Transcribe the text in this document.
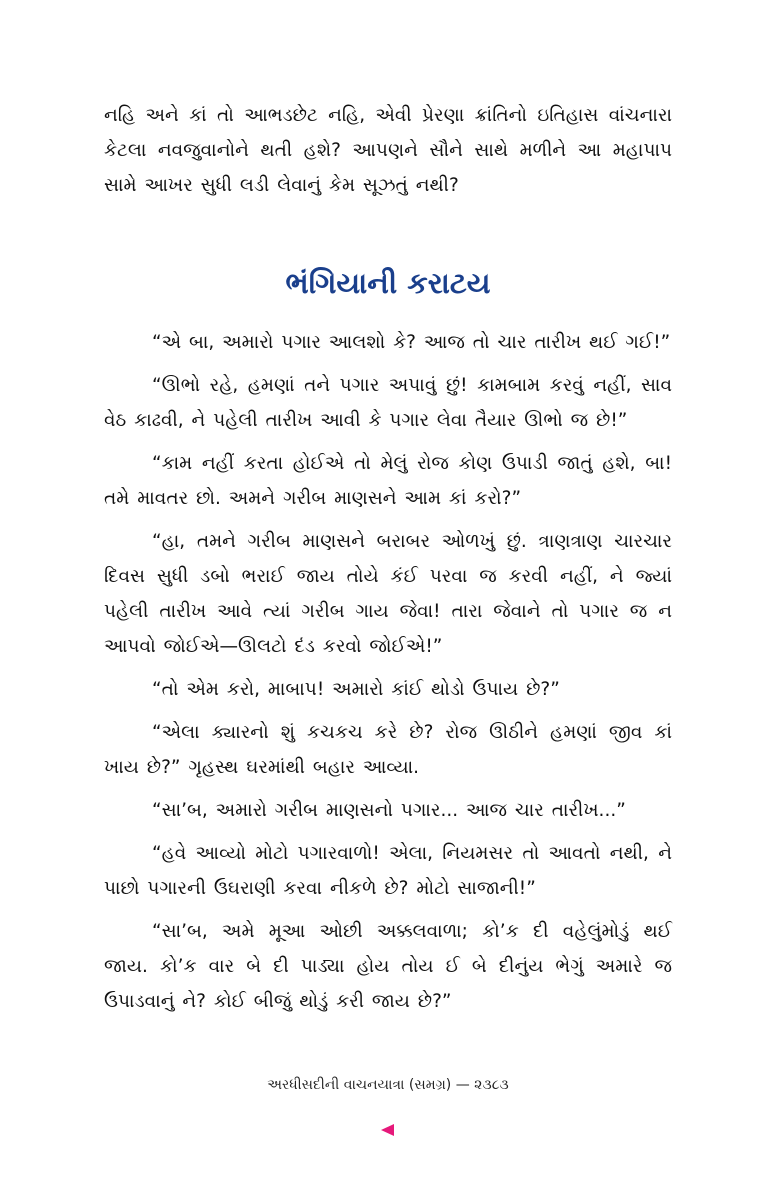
નહિ અને કાં તો આભડછેટ નહિ, એવી પ્રેરણા ક્રાંતિનો ઇતિહાસ વાંચનારા કેટલા નવજુવાનોને થતી હશે? આપણને સૌને સાથે મળીને આ મહાપાપ સામે આખર સુધી લડી લેવાનું કેમ સૂઝતું નથી?

ભંગિયાની કરાટય

“એ બા, અમારો પગાર આલશો કે? આજ તો ચાર તારીખ થઈ ગઈ!”

“ઊભો રહે, હમણાં તને પગાર અપાવું છું! કામબામ કરવું નહીં, સાવ વેઠ કાઢવી, ને પહેલી તારીખ આવી કે પગાર લેવા તૈયાર ઊભો જ છે!”

“કામ નહીં કરતા હોઈએ તો મેલું રોજ કોણ ઉપાડી જાતું હશે, બા! તમે માવતર છો. અમને ગરીબ માણસને આમ કાં કરો?”

“હા, તમને ગરીબ માણસને બરાબર ઓળખું છું. ત્રાણત્રાણ ચારચાર દિવસ સુધી ડબો ભરાઈ જાય તોયે કંઈ પરવા જ કરવી નહીં, ને જ્યાં પહેલી તારીખ આવે ત્યાં ગરીબ ગાય જેવા! તારા જેવાને તો પગાર જ ન આપવો જોઈએ—ઊલટો દંડ કરવો જોઈએ!”

“તો એમ કરો, માબાપ! અમારો કાંઈ થોડો ઉપાય છે?”

“એલા ક્યારનો શું કચકચ કરે છે? રોજ ઊઠીને હમણાં જીવ કાં ખાય છે?” ગૃહસ્થ ઘરમાંથી બહાર આવ્યા.

“સા’બ, અમારો ગરીબ માણસનો પગાર... આજ ચાર તારીખ...”

“હવે આવ્યો મોટો પગારવાળો! એલા, નિયમસર તો આવતો નથી, ને પાછો પગારની ઉઘરાણી કરવા નીકળે છે? મોટો સાજાની!”

“સા’બ, અમે મૂઆ ઓછી અક્કલવાળા; કો’ક દી વહેલુંમોડું થઈ જાય. કો’ક વાર બે દી પાડ્યા હોય તોય ઈ બે દીનુંય ભેગું અમારે જ ઉપાડવાનું ને? કોઈ બીજું થોડું કરી જાય છે?”

અરધીસદીની વાચનયાત્રા (સમગ્ર) — ૨૩૮૩
